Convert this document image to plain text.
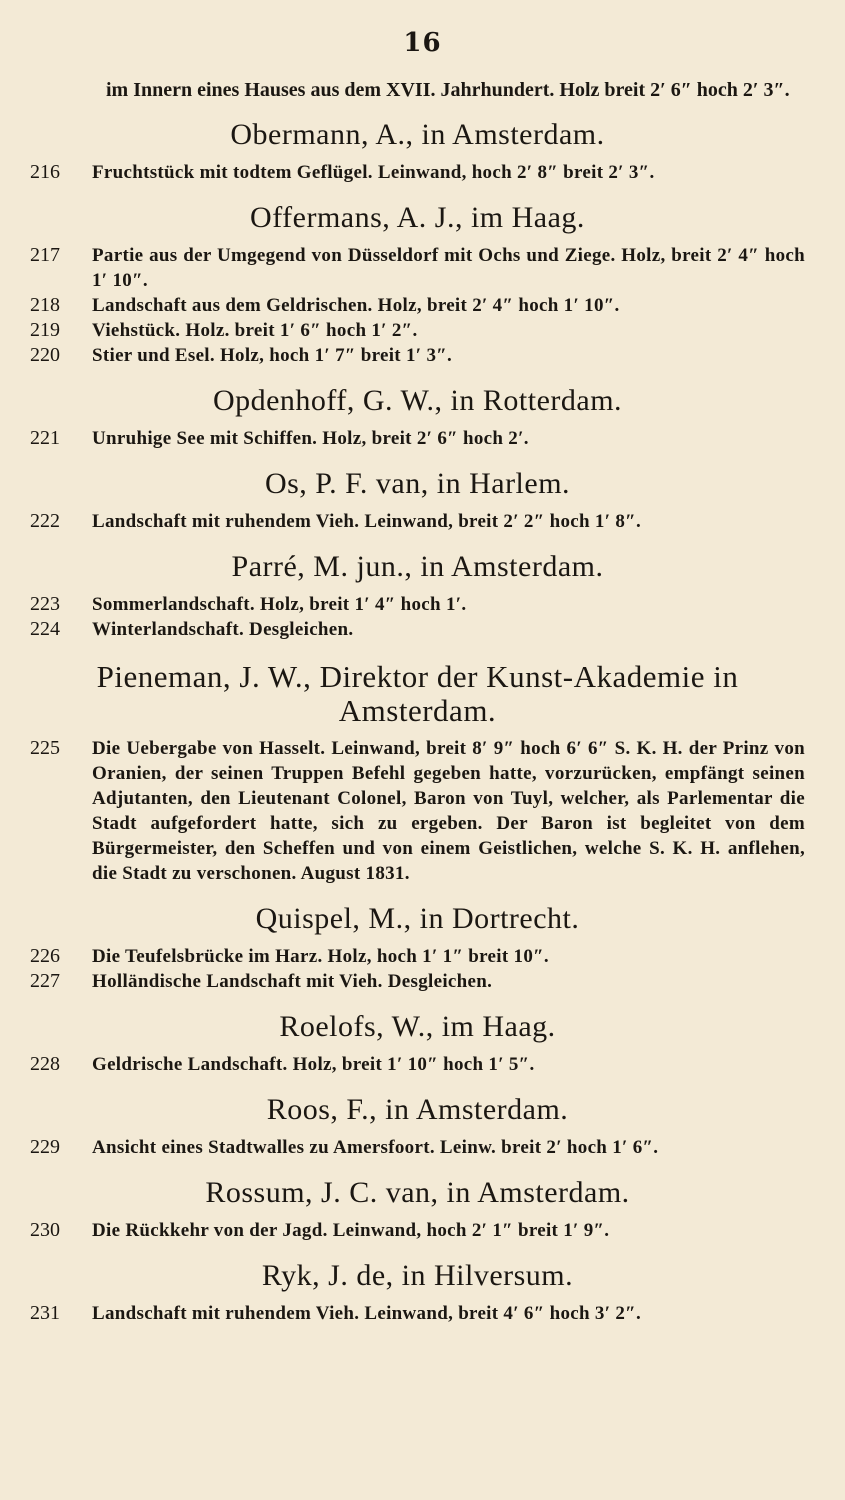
16
im Innern eines Hauses aus dem XVII. Jahrhundert. Holz breit 2′ 6″ hoch 2′ 3″.
Obermann, A., in Amsterdam.
216	Fruchtstück mit todtem Geflügel. Leinwand, hoch 2′ 8″ breit 2′ 3″.
Offermans, A. J., im Haag.
217	Partie aus der Umgegend von Düsseldorf mit Ochs und Ziege. Holz, breit 2′ 4″ hoch 1′ 10″.
218	Landschaft aus dem Geldrischen. Holz, breit 2′ 4″ hoch 1′ 10″.
219	Viehstück. Holz. breit 1′ 6″ hoch 1′ 2″.
220	Stier und Esel. Holz, hoch 1′ 7″ breit 1′ 3″.
Opdenhoff, G. W., in Rotterdam.
221	Unruhige See mit Schiffen. Holz, breit 2′ 6″ hoch 2′.
Os, P. F. van, in Harlem.
222	Landschaft mit ruhendem Vieh. Leinwand, breit 2′ 2″ hoch 1′ 8″.
Parré, M. jun., in Amsterdam.
223	Sommerlandschaft. Holz, breit 1′ 4″ hoch 1′.
224	Winterlandschaft. Desgleichen.
Pieneman, J. W., Direktor der Kunst-Akademie in Amsterdam.
225	Die Uebergabe von Hasselt. Leinwand, breit 8′ 9″ hoch 6′ 6″ S. K. H. der Prinz von Oranien, der seinen Truppen Befehl gegeben hatte, vorzurücken, empfängt seinen Adjutanten, den Lieutenant Colonel, Baron von Tuyl, welcher, als Parlementar die Stadt aufgefordert hatte, sich zu ergeben. Der Baron ist begleitet von dem Bürgermeister, den Scheffen und von einem Geistlichen, welche S. K. H. anflehen, die Stadt zu verschonen. August 1831.
Quispel, M., in Dortrecht.
226	Die Teufelsbrücke im Harz. Holz, hoch 1′ 1″ breit 10″.
227	Holländische Landschaft mit Vieh. Desgleichen.
Roelofs, W., im Haag.
228	Geldrische Landschaft. Holz, breit 1′ 10″ hoch 1′ 5″.
Roos, F., in Amsterdam.
229	Ansicht eines Stadtwalles zu Amersfoort. Leinw. breit 2′ hoch 1′ 6″.
Rossum, J. C. van, in Amsterdam.
230	Die Rückkehr von der Jagd. Leinwand, hoch 2′ 1″ breit 1′ 9″.
Ryk, J. de, in Hilversum.
231	Landschaft mit ruhendem Vieh. Leinwand, breit 4′ 6″ hoch 3′ 2″.
